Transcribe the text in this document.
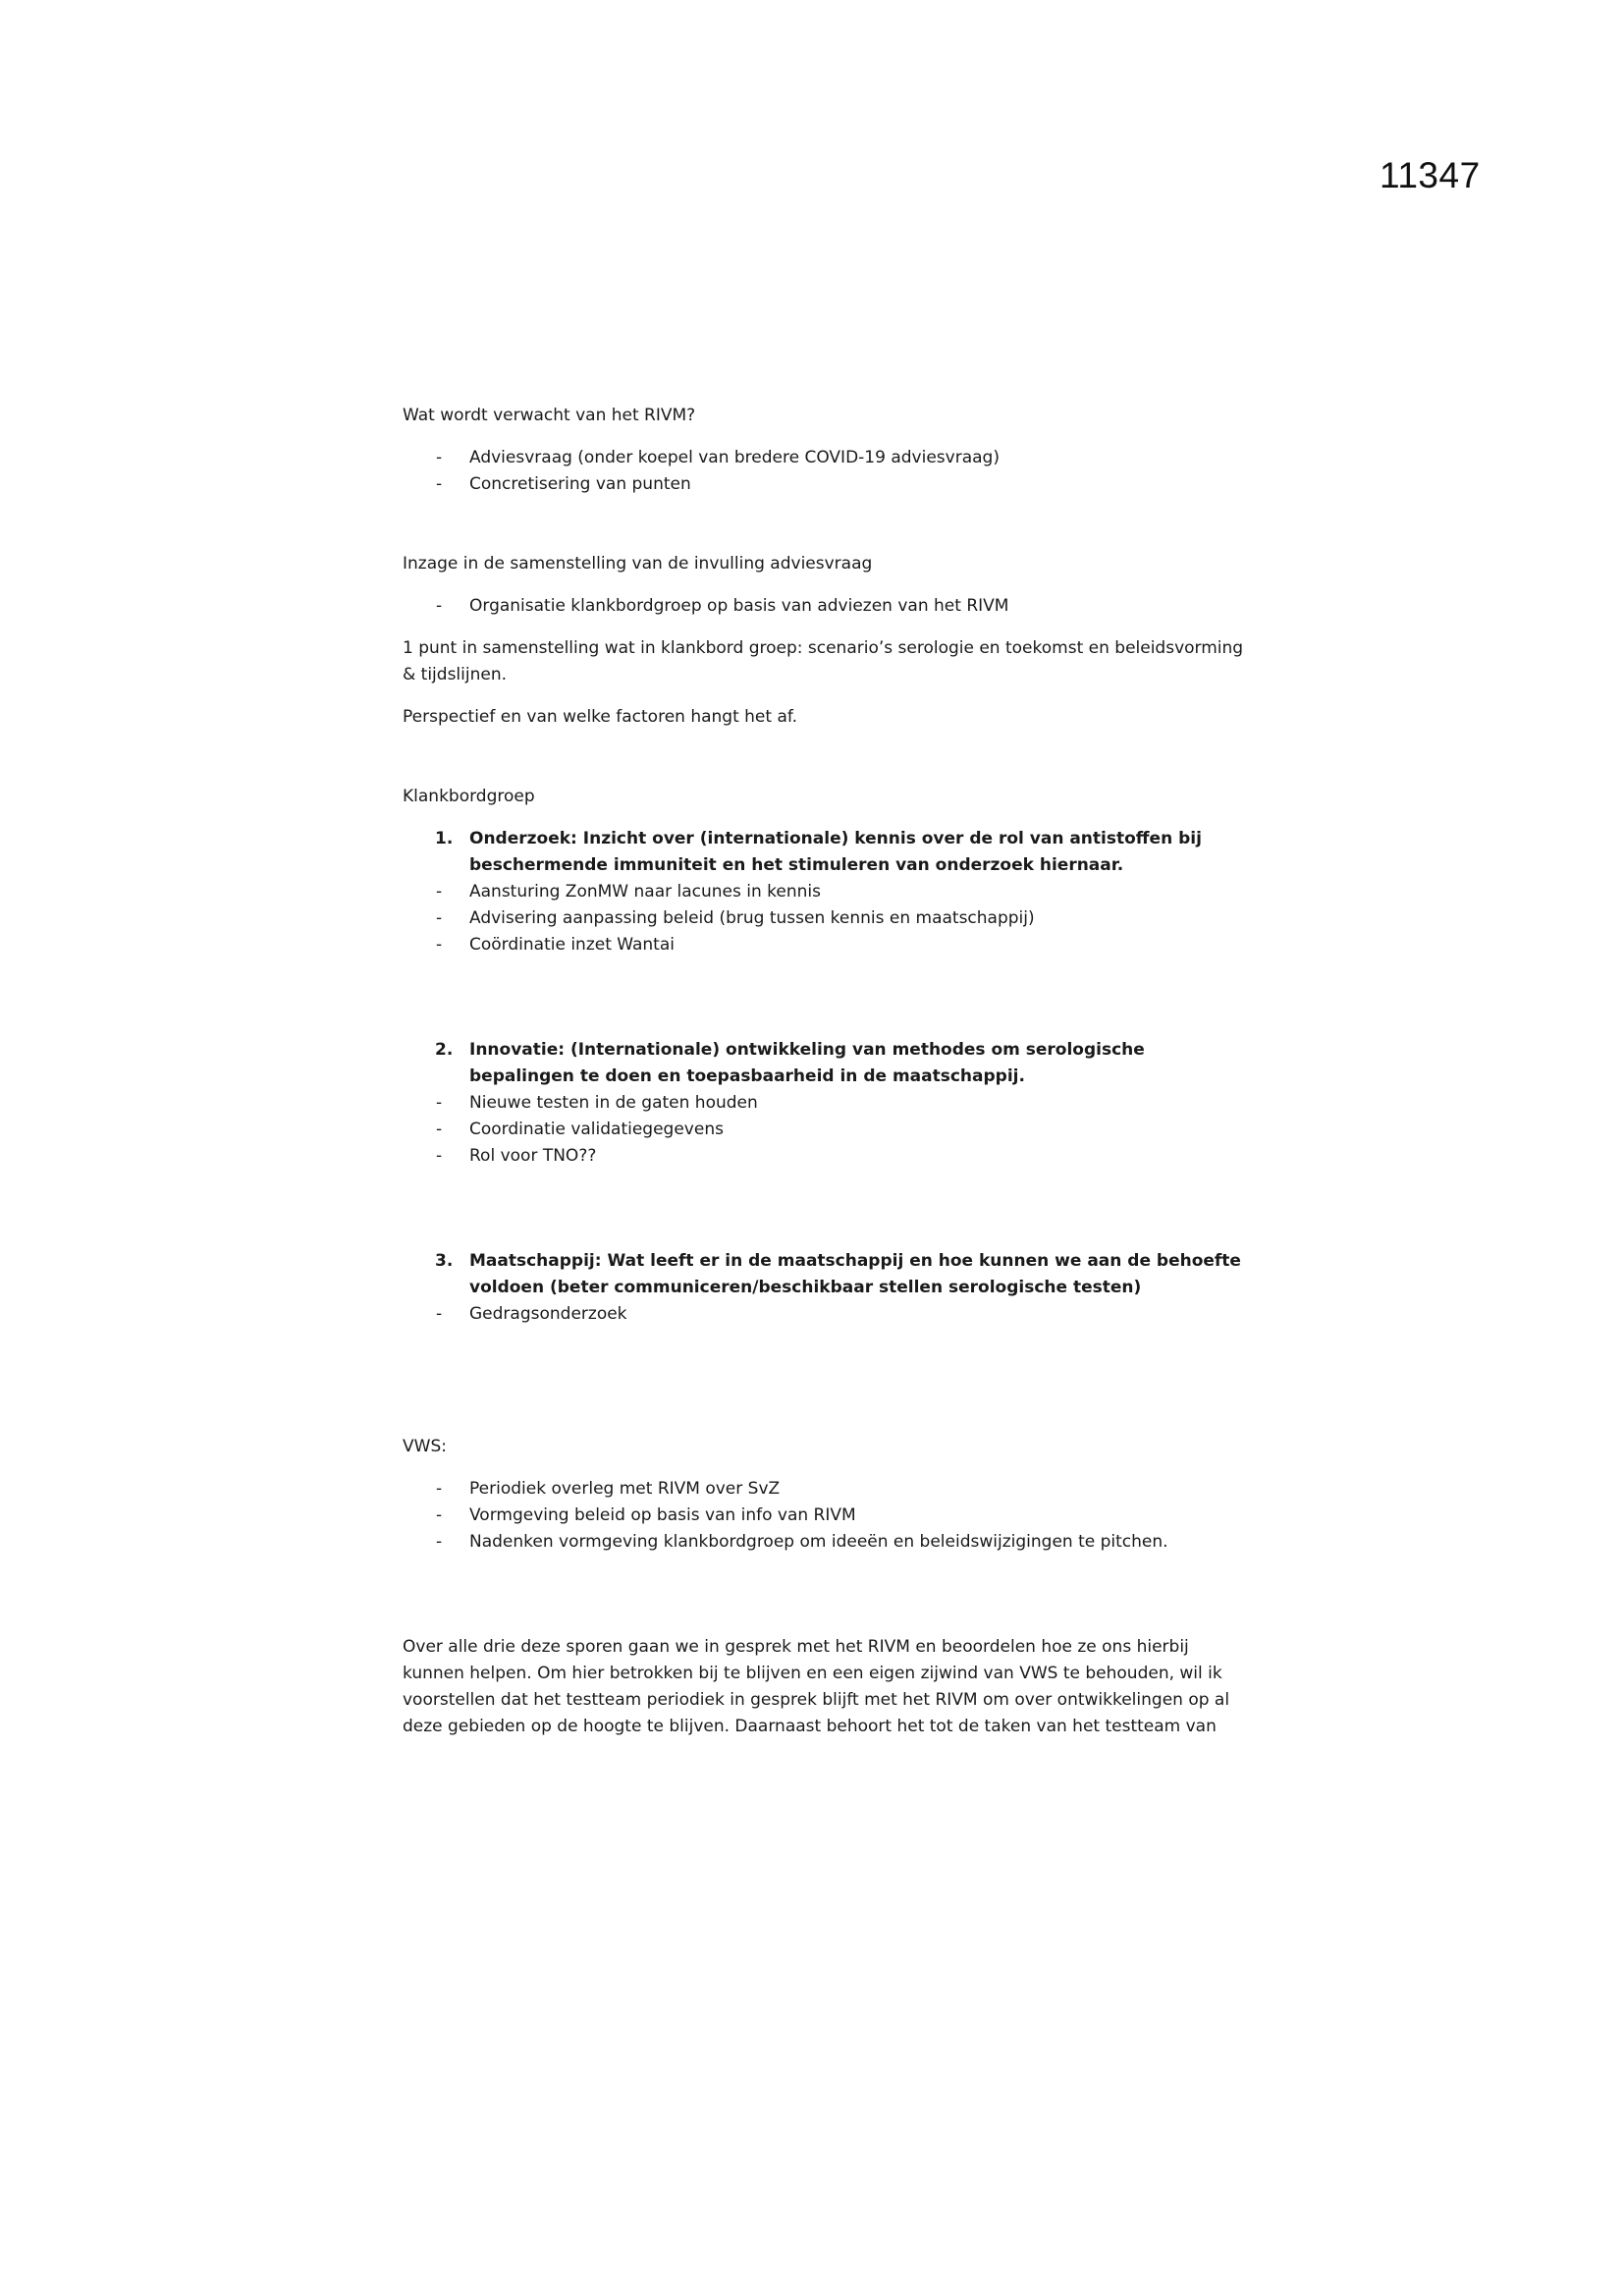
11347

Wat wordt verwacht van het RIVM?

- Adviesvraag (onder koepel van bredere COVID-19 adviesvraag)
- Concretisering van punten

Inzage in de samenstelling van de invulling adviesvraag

- Organisatie klankbordgroep op basis van adviezen van het RIVM

1 punt in samenstelling wat in klankbord groep: scenario’s serologie en toekomst en beleidsvorming & tijdslijnen.

Perspectief en van welke factoren hangt het af.

Klankbordgroep

1. Onderzoek: Inzicht over (internationale) kennis over de rol van antistoffen bij beschermende immuniteit en het stimuleren van onderzoek hiernaar.
- Aansturing ZonMW naar lacunes in kennis
- Advisering aanpassing beleid (brug tussen kennis en maatschappij)
- Coördinatie inzet Wantai
2. Innovatie: (Internationale) ontwikkeling van methodes om serologische bepalingen te doen en toepasbaarheid in de maatschappij.
- Nieuwe testen in de gaten houden
- Coordinatie validatiegegevens
- Rol voor TNO??
3. Maatschappij: Wat leeft er in de maatschappij en hoe kunnen we aan de behoefte voldoen (beter communiceren/beschikbaar stellen serologische testen)
- Gedragsonderzoek

VWS:

- Periodiek overleg met RIVM over SvZ
- Vormgeving beleid op basis van info van RIVM
- Nadenken vormgeving klankbordgroep om ideeën en beleidswijzigingen te pitchen.

Over alle drie deze sporen gaan we in gesprek met het RIVM en beoordelen hoe ze ons hierbij kunnen helpen. Om hier betrokken bij te blijven en een eigen zijwind van VWS te behouden, wil ik voorstellen dat het testteam periodiek in gesprek blijft met het RIVM om over ontwikkelingen op al deze gebieden op de hoogte te blijven. Daarnaast behoort het tot de taken van het testteam van
